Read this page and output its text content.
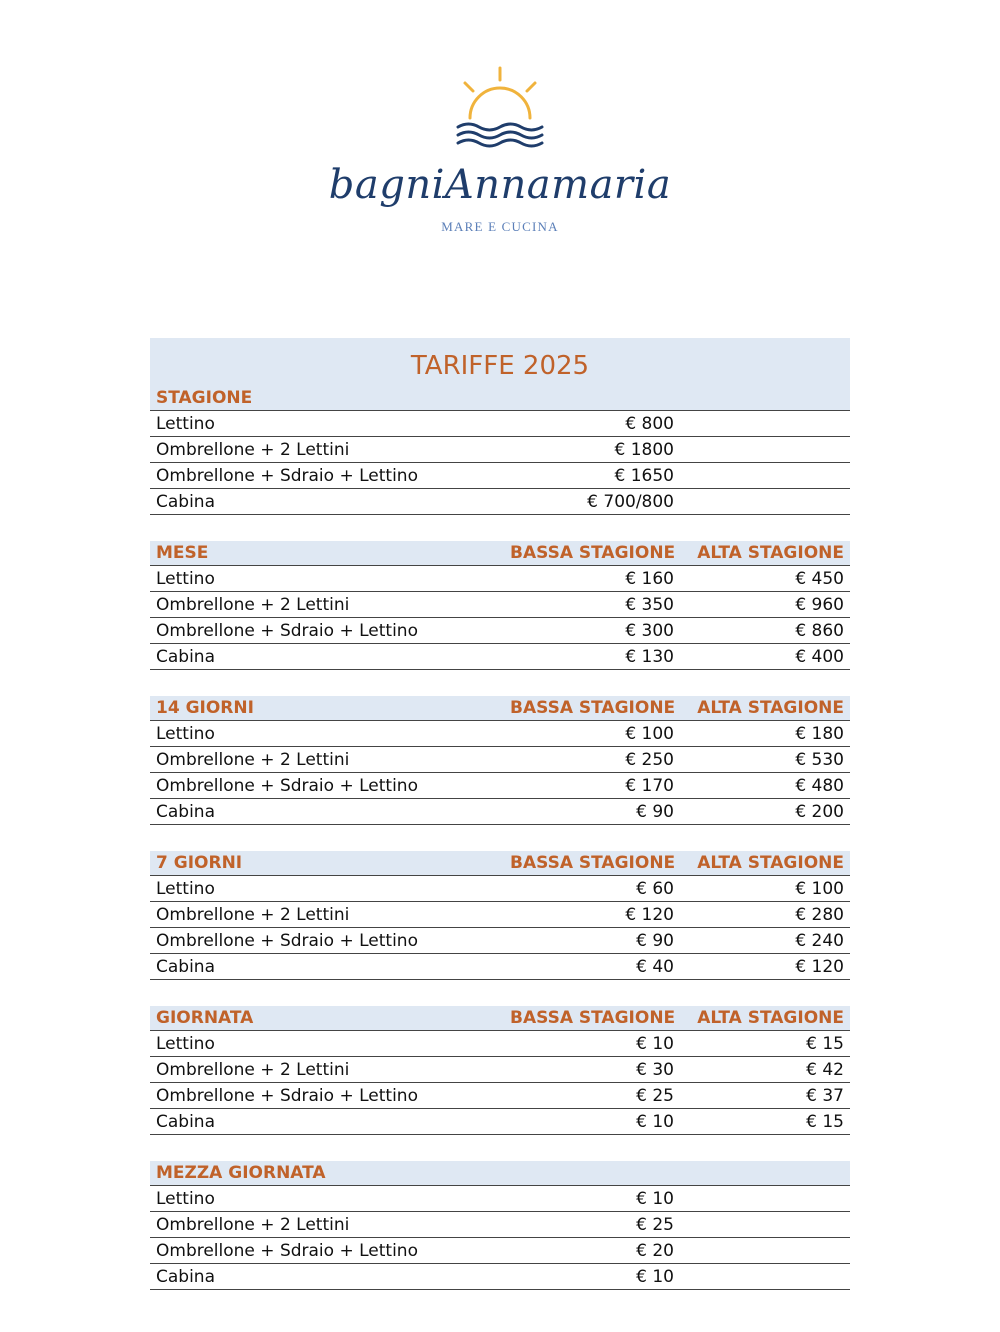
bagniAnnamaria
MARE E CUCINA
TARIFFE 2025
STAGIONE
Lettino	€ 800
Ombrellone + 2 Lettini	€ 1800
Ombrellone + Sdraio + Lettino	€ 1650
Cabina	€ 700/800
MESE	BASSA STAGIONE	ALTA STAGIONE
Lettino	€ 160	€ 450
Ombrellone + 2 Lettini	€ 350	€ 960
Ombrellone + Sdraio + Lettino	€ 300	€ 860
Cabina	€ 130	€ 400
14 GIORNI	BASSA STAGIONE	ALTA STAGIONE
Lettino	€ 100	€ 180
Ombrellone + 2 Lettini	€ 250	€ 530
Ombrellone + Sdraio + Lettino	€ 170	€ 480
Cabina	€ 90	€ 200
7 GIORNI	BASSA STAGIONE	ALTA STAGIONE
Lettino	€ 60	€ 100
Ombrellone + 2 Lettini	€ 120	€ 280
Ombrellone + Sdraio + Lettino	€ 90	€ 240
Cabina	€ 40	€ 120
GIORNATA	BASSA STAGIONE	ALTA STAGIONE
Lettino	€ 10	€ 15
Ombrellone + 2 Lettini	€ 30	€ 42
Ombrellone + Sdraio + Lettino	€ 25	€ 37
Cabina	€ 10	€ 15
MEZZA GIORNATA
Lettino	€ 10
Ombrellone + 2 Lettini	€ 25
Ombrellone + Sdraio + Lettino	€ 20
Cabina	€ 10
